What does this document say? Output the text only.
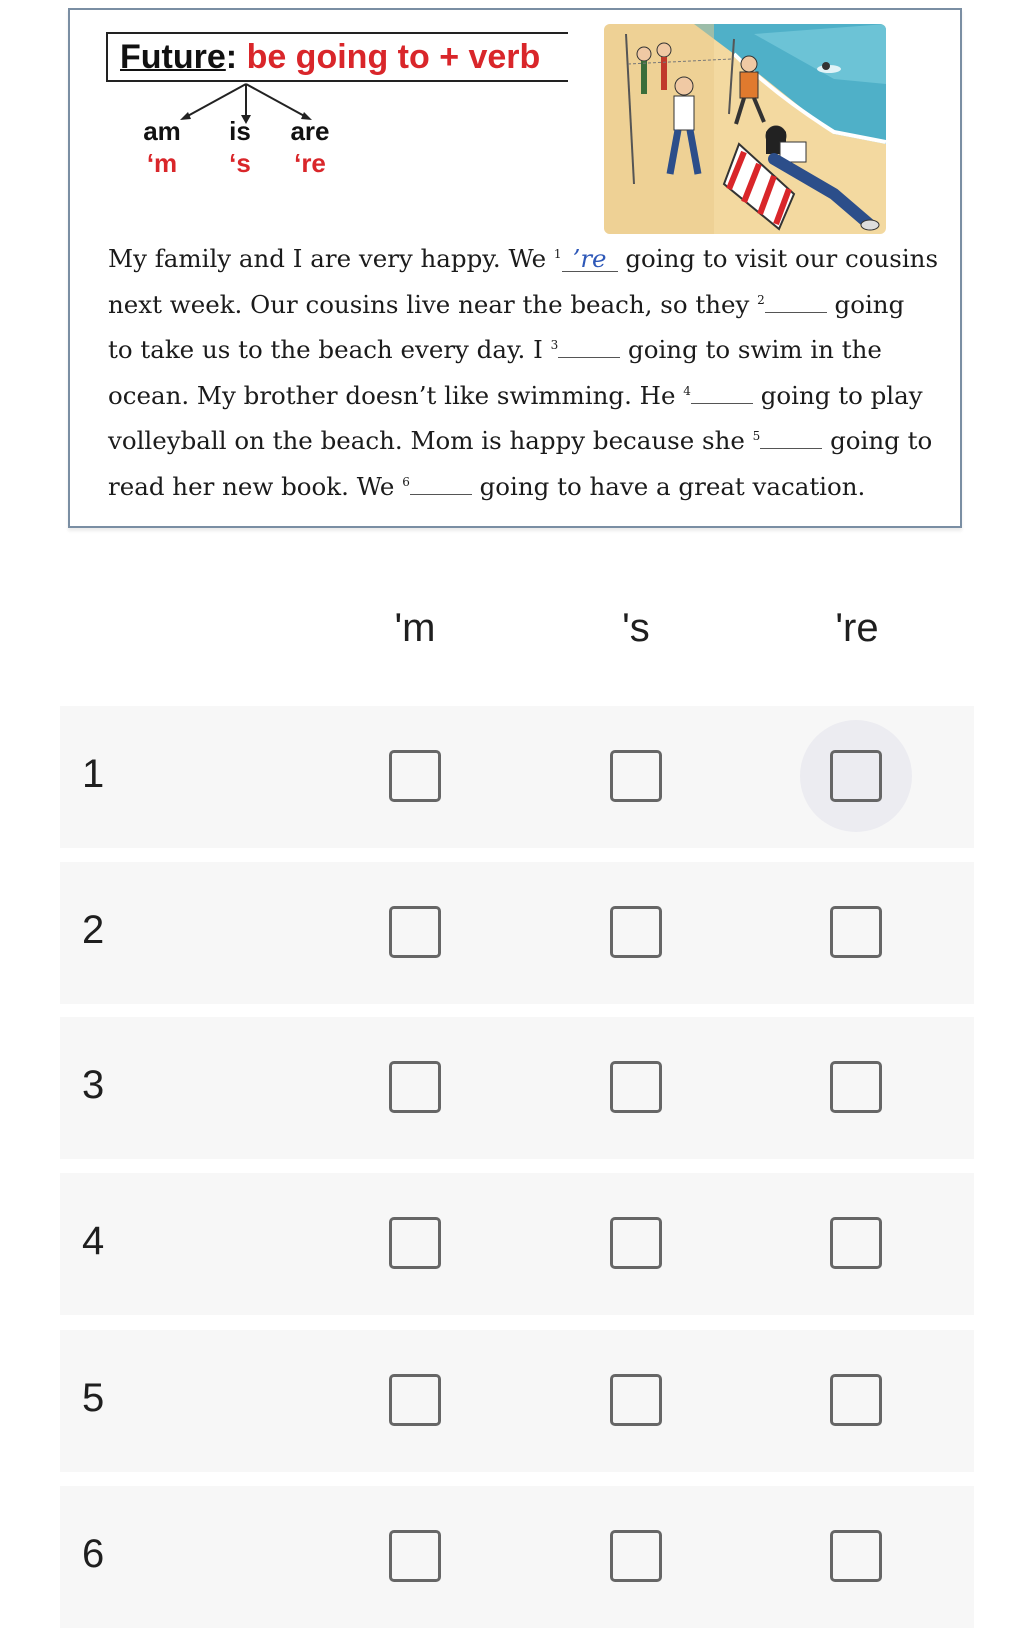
Future: be going to + verb
am	is	are
‘m	‘s	‘re
My family and I are very happy. We $^1$ ’re going to visit our cousins
next week. Our cousins live near the beach, so they $^2$	going
to take us to the beach every day. I $^3$	going to swim in the
ocean. My brother doesn’t like swimming. He $^4$	going to play
volleyball on the beach. Mom is happy because she $^5$	going to
read her new book. We $^6$	going to have a great vacation.
'm	's	're
1
2
3
4
5
6
